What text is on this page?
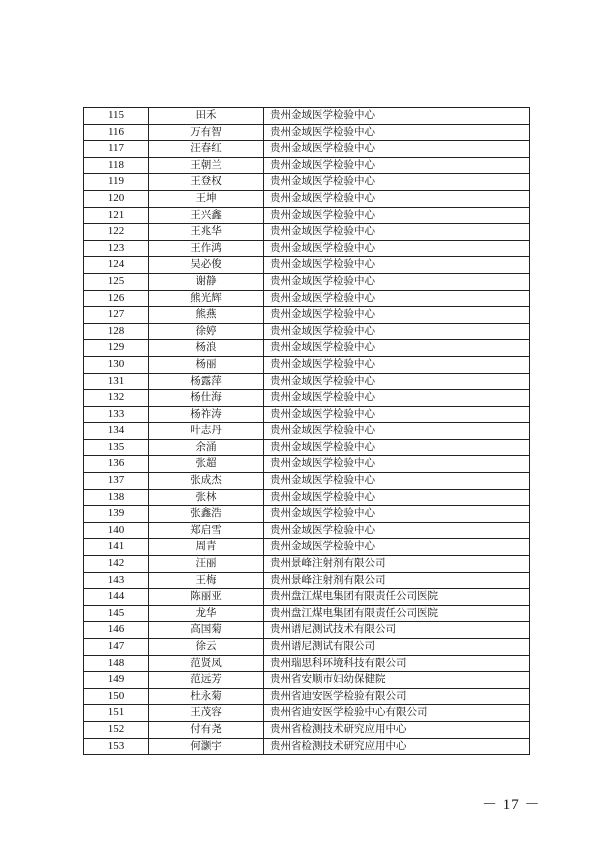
115	田禾	贵州金域医学检验中心
116	万有智	贵州金域医学检验中心
117	汪春红	贵州金域医学检验中心
118	王朝兰	贵州金域医学检验中心
119	王登权	贵州金域医学检验中心
120	王坤	贵州金域医学检验中心
121	王兴鑫	贵州金域医学检验中心
122	王兆华	贵州金域医学检验中心
123	王作鸿	贵州金域医学检验中心
124	吴必俊	贵州金域医学检验中心
125	谢静	贵州金域医学检验中心
126	熊光辉	贵州金域医学检验中心
127	熊燕	贵州金域医学检验中心
128	徐婷	贵州金域医学检验中心
129	杨浪	贵州金域医学检验中心
130	杨丽	贵州金域医学检验中心
131	杨露萍	贵州金域医学检验中心
132	杨仕海	贵州金域医学检验中心
133	杨祚涛	贵州金域医学检验中心
134	叶志丹	贵州金域医学检验中心
135	余涌	贵州金域医学检验中心
136	张超	贵州金域医学检验中心
137	张成杰	贵州金域医学检验中心
138	张林	贵州金域医学检验中心
139	张鑫浩	贵州金域医学检验中心
140	郑启雪	贵州金域医学检验中心
141	周青	贵州金域医学检验中心
142	汪丽	贵州景峰注射剂有限公司
143	王梅	贵州景峰注射剂有限公司
144	陈丽亚	贵州盘江煤电集团有限责任公司医院
145	龙华	贵州盘江煤电集团有限责任公司医院
146	高国菊	贵州谱尼测试技术有限公司
147	徐云	贵州谱尼测试有限公司
148	范贤凤	贵州瑞思科环境科技有限公司
149	范远芳	贵州省安顺市妇幼保健院
150	杜永菊	贵州省迪安医学检验有限公司
151	王茂容	贵州省迪安医学检验中心有限公司
152	付有尧	贵州省检测技术研究应用中心
153	何灏宇	贵州省检测技术研究应用中心
－ 17 －
